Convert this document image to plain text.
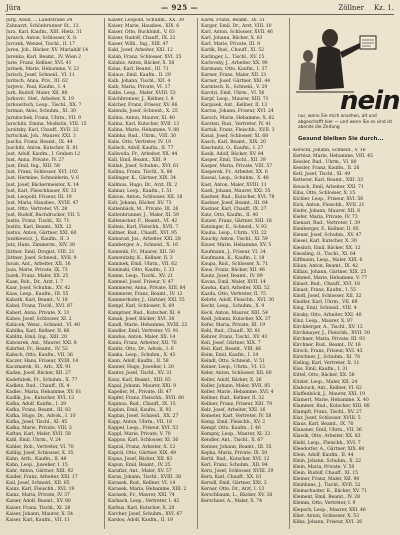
Jüra	— 925 —	Zöllner Kz. 1.

Jürg. Adolf, ... Landstraße 24

Zahnarzt, Schönbrunner St., 13.

Jura, Karl, Kaufm., XIII. Hietz. 31

Jurasch, Anton, Schlosser, X. 8.

Jurczek, Wenzel, Tischl., II. 17

Juren, Joh., Bäcker, XV. Mariahilf 14

Jurenka, Karl, Beamt., IV. Wien 2

Jurie, Franz, Kellner, XVI. 41

Jurinek, Marie, Hebamme, V. 23

Jurisch, Josef, Schneid., VI. 11

Juritsch, Anna, Priv., III. 62

Jurjevic, Paul, Kaufm., I. 4

Jurk, Rudolf, Maler, XII. 88

Jurkovic, Stef., Arbeiter, X. 19

Jurkowitsch, Leop., Tischl., XX. 7

Jurman, Alois, Schuhm., XI. 30

Jurnitschek, Franz, Uhrm., VII. 9

Jurschitz, Emma, Modistin, VIII. 15

Jursitzky, Karl, Chauff., XVII. 22

Jurtschak, Joh., Maurer, XXI. 3

Juscha, Franz, Beamt., IX. 44

Juschitz, Anton, Kutscher, II. 81

Just, Adolf, Kaufm., I. Graben 12

Just, Anna, Private, IV. 27

Just, Emil, Ing., XIII. 58

Just, Franz, Schlosser, XVI. 102

Just, Hermine, Schneiderin, V. 6

Just, Josef, Bäckermeister, X. 14

Just, Karl, Fleischhauer, XV. 33

Just, Leopold, Friseur, III. 19

Just, Maria, Hausbes., XVIII. 47

Just, Otto, Vertreter, VI. 28

Just, Rudolf, Buchdrucker, VII. 5

Justin, Franz, Tischl., XI. 71

Justitz, Karl, Beamt., XIX. 12

Justus, Anton, Gärtner, XXI. 60

Juszkiewicz, J., Kaufm., II. 3

Jutz, Hans, Zimmerm., XIV. 38

Jüttner, Emil, Drogist, VIII. 21

Jüttner, Josef, Schneid., XVII. 9

Juvan, Ant., Arbeiter, XII. 16

Juza, Marie, Private, IX. 73

Juzek, Franz, Maler, XX. 25

Kaan, Rob., Dr., Arzt, I. 7

Kaar, Josef, Schuhm., XV. 42

Kaas, Leop., Kaufm., III. 55

Kabath, Karl, Beamt., V. 18

Kabel, Franz, Tischl., XVI. 87

Kaberl, Anna, Private, X. 31

Kabes, Josef, Schlosser, XI. 2

Kabicek, Wenz., Schneid., VI. 40

Kabilka, Karl, Kellner, II. 66

Kablitz, Emil, Ing., XIII. 20

Kabourek, Ant., Maurer, XXI. 8

Kabrhel, Fr., Beamt., IV. 53

Kabsch, Otto, Kaufm., VII. 36

Kaczer, Hans, Friseur, XVIII. 14

Kaczmarek, St., Arb., XX. 91

Kadan, Josef, Bäcker, XII. 27

Kadeřabek, Fr., Schuhm., X. 77

Kadletz, Rud., Chauff., IX. 4

Kadlec, Maria, Hebamme, XV. 61

Kadlik, Jos., Kutscher, XVI. 13

Kafka, Adolf, Kaufm., I. 29

Kafka, Franz, Beamt., III. 82

Kafka, Hugo, Dr., Advok., I. 10

Kafka, Josef, Tischl., XI. 45

Kafka, Marie, Private, VIII. 3

Kaftan, Karl, Maler, XVII. 58

Kahl, Emil, Uhrm., V. 24

Kahler, Rob., Vertreter, VI. 70

Kahlig, Josef, Schlosser, X. 35

Kahn, Arth., Kaufm., II. 48

Kahn, Leop., Juwelier, I. 15

Kahr, Anton, Gärtner, XIII. 92

Kaider, Franz, Arbeiter, XXI. 17

Kail, Josef, Schneid., XII. 65

Kainz, Karl, Fleischh., XVI. 19

Kainz, Maria, Private, IV. 37

Kaiser, Adolf, Beamt., XV. 80

Kaiser, Franz, Tischl., XI. 26

Kaiser, Johann, Maurer, X. 54

Kaiser, Karl, Kaufm., VII. 11

Kaiser, Leopold, Schuhm., XX. 39

Kaiser, Marie, Hausbes., XIX. 6

Kaiser, Otto, Buchbind., V. 63

Kaiser, Rudolf, Chauff., IX. 22

Kaiser, Wilh., Ing., XIII. 47

Kakl, Josef, Arbeiter, XXI. 12

Kalab, Franz, Schlosser, XVI. 35

Kalabis, Anton, Bäcker, X. 58

Kalas, Karl, Beamt., III. 71

Kalaus, Emil, Kaufm., II. 29

Kalb, Johann, Tischl., XII. 4

Kalb, Maria, Private, VI. 17

Kalbe, Leop., Maler, XVIII. 53

Kalchbrenner, J., Kellner, I. 8

Kalcher, Franz, Friseur, XV. 66

Kalenda, Josef, Schneid., X. 25

Kalina, Anton, Maurer, XI. 40

Kalina, Karl, Kutscher, XVII. 13

Kalina, Marie, Hebamme, V. 88

Kalinka, Rud., Uhrm., VIII. 30

Kalis, Otto, Vertreter, IV. 19

Kalisch, Adolf, Kaufm., II. 77

Kaliwoda, Fr., Arbeiter, XX. 44

Kall, Emil, Beamt., XIII. 9

Kallab, Josef, Schuhm., XVI. 61

Kallina, Franz, Tischl., X. 86

Kallinger, K., Gärtner, XIX. 34

Kallmus, Hugo, Dr., Arzt, IX. 2

Kalmar, Leop., Kaufm., I. 51

Kalous, Anton, Schlosser, XII. 18

Kalt, Johann, Bäcker, XV. 73

Kaltenbäck, M., Private, III. 26

Kaltenbrunner, J., Maler, XI. 59

Kaltenecker, F., Beamt., VI. 42

Kalteis, Karl, Fleischh., XVII. 7

Kaltner, Rud., Chauff., XVI. 95

Kamarad, Jos., Arbeiter, XXI. 28

Kamberger, A., Schneid., X. 16

Kamenik, Fr., Maurer, XII. 50

Kamenitzky, K., Kellner, II. 3

Kaminek, Emil, Uhrm., VII. 62

Kaminski, Otto, Kaufm., I. 33

Kamm, Leop., Tischl., XV. 21

Kammel, Josef, Friseur, V. 47

Kammerer, Anna, Private, XIII. 84

Kammerer, Franz, Beamt., IV. 12

Kammerhofer, J., Gärtner, XXI. 55

Kampf, Karl, Schlosser, X. 69

Kamptner, Rud., Kutscher, XI. 4

Kanak, Josef, Bäcker, XVI. 38

Kandl, Marie, Hebamme, XVIII. 23

Kandler, Emil, Vertreter, VI. 91

Kandus, Anton, Maler, XX. 14

Kania, Franz, Arbeiter, XII. 76

Kanitz, Otto, Dr., Advok., I. 6

Kanka, Leop., Schuhm., X. 43

Kann, Adolf, Kaufm., II. 58

Kanner, Hugo, Juwelier, I. 20

Kantor, Josef, Tischl., XV. 31

Kanz, Karl, Beamt., XIII. 65

Kapal, Johann, Maurer, XXI. 9

Kapeller, M., Private, III. 47

Kapfer, Franz, Fleischh., XVII. 80

Kapinus, Rud., Chauff., IX. 15

Kaplan, Emil, Kaufm., II. 92

Kaplan, Josef, Schneid., XX. 27

Kapp, Anton, Uhrm., VII. 18

Kappel, Leop., Friseur, XVI. 53

Kappl, Marie, Private, V. 70

Kappus, Karl, Schlosser, XI. 36

Kapral, Franz, Arbeiter, X. 12

Kaprál, Otto, Gärtner, XIX. 49

Kapsa, Josef, Bäcker, XII. 83

Kapun, Emil, Beamt., IV. 25

Karafiat, Ant., Maler, XV. 57

Karas, Johann, Tischl., XVIII. 38

Karasek, Rud., Kellner, VI. 14

Karasek, Maria, Hebamme, XIII. 2

Karásek, Fr., Maurer, XXI. 74

Karbach, Leop., Vertreter, I. 42

Karbus, Karl, Kutscher, X. 28

Karcher, Josef, Schuhm., XVI. 67

Kardos, Adolf, Kaufm., II. 19

Karel, Franz, Beamt., IX. 31

Karger, Emil, Dr., Arzt, VIII. 10

Karl, Anton, Schlosser, XVII. 46

Karl, Johann, Bäcker, X. 63

Karl, Marie, Private, III. 8

Karlik, Rud., Chauff., XI. 52

Karlinger, L., Tischl., XV. 15

Karlovsky, J., Arbeiter, XX. 90

Karmann, Otto, Kaufm., I. 37

Karner, Franz, Maler, XII. 21

Karner, Josef, Gärtner, XXI. 44

Karnitsch, K., Schneid., V. 29

Karolyi, Emil, Uhrm., VI. 56

Karpf, Leop., Maurer, XIII. 71

Karpisek, Ant., Kellner, II. 13

Karras, Johann, Friseur, XVI. 24

Karsch, Marie, Hebamme, X. 82

Karsten, Rud., Vertreter, IV. 41

Kartak, Franz, Fleischh., XVII. 3

Kasal, Josef, Schlosser, XI. 68

Kasch, Karl, Beamt., XIX. 20

Kaschnitz, O., Kaufm., I. 27

Kasik, Adolf, Bäcker, XV. 84

Kasper, Emil, Tischl., XII. 39

Kasper, Maria, Private, VIII. 57

Kasperek, Fr., Arbeiter, XX. 6

Kassal, Leop., Schuhm., X. 48

Kast, Anton, Maler, XVIII. 11

Kastl, Johann, Maurer, XXI. 35

Kastner, Rud., Kutscher, XVI. 78

Kastner, Josef, Beamt., III. 64

Kastner, Karl, Chauff., IX. 27

Katz, Otto, Kaufm., II. 40

Katzer, Franz, Gärtner, XIII. 16

Katzinger, E., Schneid., V. 93

Kauba, Leop., Uhrm., VII. 22

Kaucky, Anton, Tischl., XI. 59

Kauer, Marie, Hebamme, XV. 5

Kaufmann, J., Friseur, VI. 34

Kaufmann, K., Kaufm., I. 18

Kaupa, Rud., Schlosser, X. 71

Kaus, Franz, Bäcker, XII. 46

Kautz, Josef, Beamt., IV. 89

Kavan, Emil, Maler, XVII. 14

Kawka, Karl, Arbeiter, XXI. 52

Kazda, Otto, Vertreter, II. 75

Kebrle, Adolf, Fleischh., XVI. 30

Kecht, Leop., Schuhm., X. 9

Keck, Anton, Maurer, XIII. 54

Kedl, Johann, Kutscher, XX. 37

Kefer, Maria, Private, III. 19

Kehl, Rud., Chauff., XI. 81

Kehrer, Franz, Tischl., XV. 43

Keil, Josef, Gärtner, XIX. 7

Keil, Karl, Beamt., VIII. 66

Keim, Emil, Kaufm., I. 24

Keindl, Otto, Schneid., V. 51

Keiner, Leop., Uhrm., VI. 13

Keler, Anton, Schlosser, XII. 60

Keller, Adolf, Bäcker, X. 26

Keller, Johann, Maler, XVII. 85

Keller, Marie, Hebamme, XVI. 4

Kellner, Rud., Kellner, II. 32

Kellner, Franz, Friseur, XIII. 79

Kelz, Josef, Arbeiter, XXI. 16

Kemeter, Karl, Vertreter, IV. 58

Kemp, Emil, Fleischh., XV. 2

Kempf, Otto, Kaufm., I. 46

Kempny, Leop., Maurer, XI. 23

Kendler, Ant., Tischl., X. 67

Kenner, Johann, Beamt., III. 35

Kepka, Maria, Private, IX. 50

Kerbl, Rud., Kutscher, XVI. 12

Kerl, Franz, Schuhm., XII. 94

Kern, Josef, Schlosser, XVIII. 29

Kern, Karl, Chauff., XX. 61

Kerndl, Emil, Gärtner, XXI. 3

Kerner, Otto, Dr., Arzt, I. 13

Kerschbaum, L., Bäcker, XV. 38

Kerschner, A., Maler, X. 74

nein
nur, wenn Sie mich ansehen, alt und abgeschafft hier — und wenn Sie es sind ist abends die Zeitung
Gesund bleiben Sie durch...

Kerschl, Johann, Schneid., V. 16

Kertész, Marie, Hebamme, VIII. 45

Kessler, Rud., Uhrm., VI. 80

Kessler, Franz, Kaufm., II. 26

Ketl, Josef, Tischl., XI. 49

Ketterer, Karl, Beamt., XIII. 33

Keusch, Emil, Arbeiter, XXI. 71

Kiba, Otto, Schlosser, X. 15

Kichler, Leop., Friseur, XVI. 56

Kick, Anton, Fleischh., XVII. 21

Kiefer, Johann, Maurer, XII. 8

Kiefer, Maria, Private, IV. 73

Kienast, Rud., Vertreter, I. 39

Kienberger, F., Kellner, II. 85

Kiener, Josef, Schuhm., XV. 47

Kiesel, Karl, Kutscher, X. 30

Kieslich, Emil, Bäcker, XX. 12

Kiessling, O., Tischl., XI. 64

Kiffmann, Leop., Maler, XIII. 6

Kilian, Anton, Beamt., IX. 42

Killian, Johann, Gärtner, XIX. 25

Kimmel, Marie, Hebamme, V. 77

Kinast, Rud., Chauff., XVI. 18

Kinast, Franz, Kaufm., I. 55

Kindl, Josef, Schlosser, XII. 32

Kindler, Karl, Uhrm., VII. 69

King, Emil, Schneid., VIII. 4

Kinsky, Otto, Arbeiter, XXI. 40

Kinz, Leop., Maurer, X. 87

Kirchberger, A., Tischl., XV. 13

Kirchmayer, J., Fleischh., XVII. 50

Kirchner, Maria, Private, III. 93

Kirchner, Rud., Beamt., IV. 16

Kirsch, Franz, Friseur, XVI. 43

Kirschner, J., Schuhm., XI. 78

Kisling, Karl, Vertreter, II. 11

Kiss, Emil, Kaufm., I. 31

Kittel, Otto, Bäcker, XX. 58

Kitzler, Leop., Maler, XII. 24

Klabouch, Ant., Kellner, VI. 62

Klaffenböck, J., Maurer, XXI. 19

Klamert, Marie, Hebamme, X. 40

Klammer, Rud., Kutscher, XIII. 88

Klampfl, Franz, Tischl., XV. 27

Klar, Josef, Schlosser, XVIII. 5

Klaus, Karl, Beamt., IX. 70

Klausner, Emil, Uhrm., VII. 36

Klawik, Otto, Arbeiter, XX. 83

Klebl, Leop., Fleischh., XVI. 7

Kleedorfer, A., Gärtner, XIX. 60

Klein, Adolf, Kaufm., II. 44

Klein, Johann, Schuhm., X. 22

Klein, Maria, Private, V. 58

Klein, Rudolf, Chauff., XI. 15

Kleiner, Franz, Maler, XII. 90

Kleinhans, J., Tischl., XVII. 32

Kleinschuster, K., Bäcker, XV. 71

Klement, Emil, Beamt., IV. 28

Klemm, Otto, Vertreter, I. 9

Klepsch, Leop., Maurer, XXI. 46

Klier, Anton, Schlosser, X. 53

Klika, Johann, Friseur, XVI. 26
